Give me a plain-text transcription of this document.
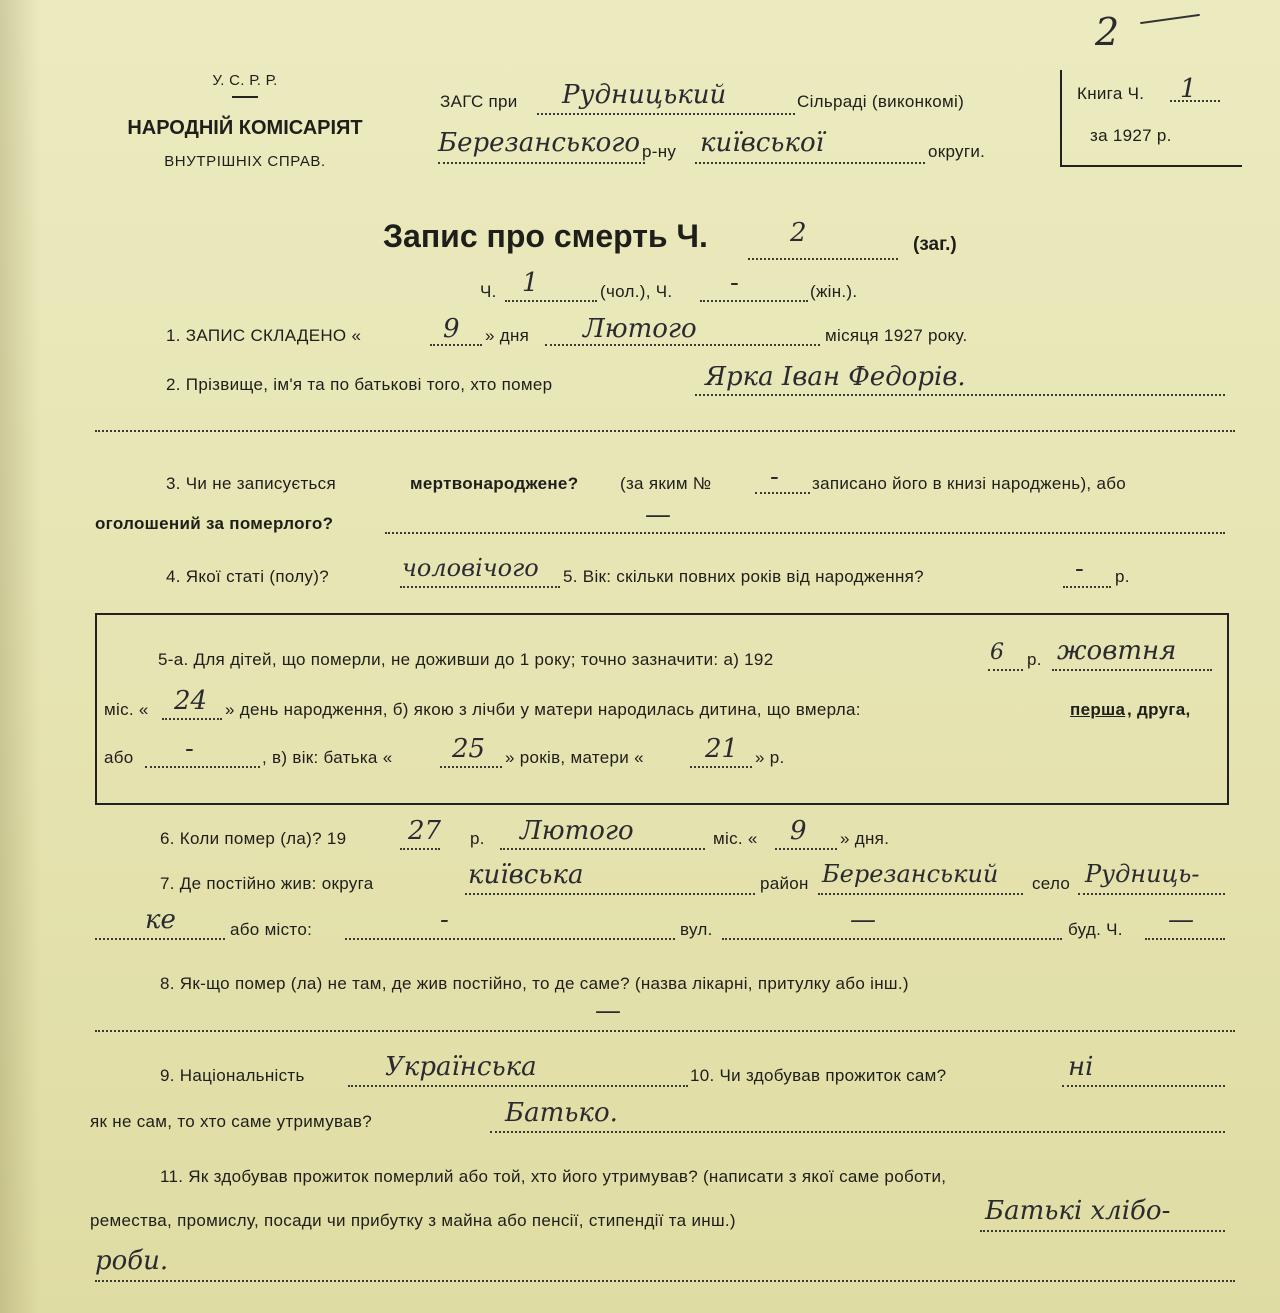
У. С. Р. Р.
НАРОДНІЙ КОМІСАРІЯТ
ВНУТРІШНІХ СПРАВ.
2
Книга Ч. 1
за 1927 р.
ЗАГС при Рудницький	Сільраді (виконкомі)
Березанського р-ну київської	округи.
Запис про смерть Ч.	2	(заг.)
Ч. 1	(чол.), Ч. -	(жін.).
1. ЗАПИС СКЛАДЕНО «	9 » дня Лютого	місяця 1927 року.
2. Прізвище, ім'я та по батькові того, хто помер	Ярка Іван Федорів.
3. Чи не записується	мертвонароджене? (за яким № - записано його в книзі народжень), або
оголошений за померлого?	—
4. Якої статі (полу)?	чоловічого 5. Вік: скільки повних років від народження?	- р.
5-а. Для дітей, що померли, не доживши до 1 року; точно зазначити: а) 192	6 р. жовтня
міс. « 24 » день народження, б) якою з лічби у матери народилась дитина, що вмерла:	перша , друга,
або -	, в) вік: батька « 25 » років, матери « 21 » р.
6. Коли помер (ла)? 19 27 р. Лютого	міс. « 9 » дня.
7. Де постійно жив: округа	київська	район Березанський село Рудниць-
ке	або місто:	-	вул.	—	буд. Ч. —
8. Як-що помер (ла) не там, де жив постійно, то де саме? (назва лікарні, притулку або інш.)
—
9. Національність	Українська	10. Чи здобував прожиток сам?	ні
як не сам, то хто саме утримував?	Батько.
11. Як здобував прожиток померлий або той, хто його утримував? (написати з якої саме роботи,
ремества, промислу, посади чи прибутку з майна або пенсії, стипендії та инш.)	Батькі хлібо-
роби.
